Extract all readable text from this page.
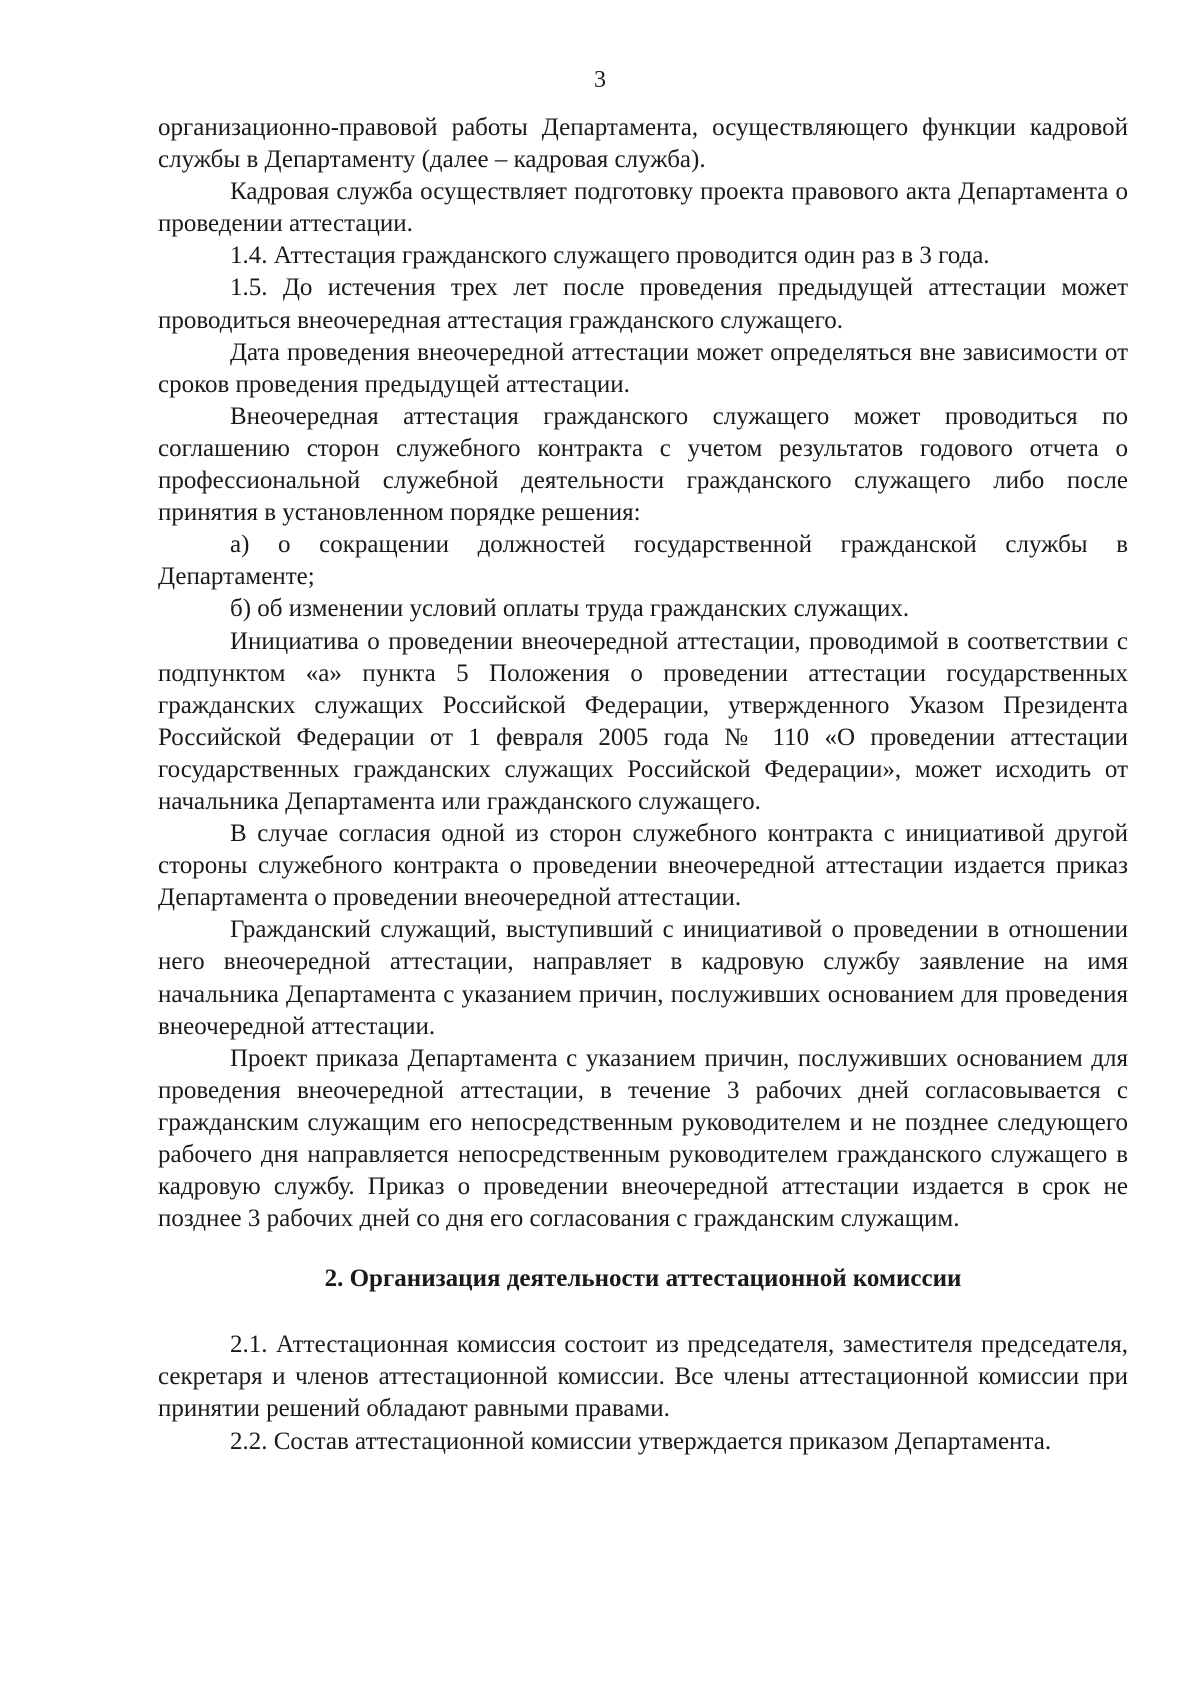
3

организационно-правовой работы Департамента, осуществляющего функции кадровой службы в Департаменту (далее – кадровая служба).

Кадровая служба осуществляет подготовку проекта правового акта Департамента о проведении аттестации.

1.4. Аттестация гражданского служащего проводится один раз в 3 года.

1.5. До истечения трех лет после проведения предыдущей аттестации может проводиться внеочередная аттестация гражданского служащего.

Дата проведения внеочередной аттестации может определяться вне зависимости от сроков проведения предыдущей аттестации.

Внеочередная аттестация гражданского служащего может проводиться по соглашению сторон служебного контракта с учетом результатов годового отчета о профессиональной служебной деятельности гражданского служащего либо после принятия в установленном порядке решения:

а) о сокращении должностей государственной гражданской службы в Департаменте;

б) об изменении условий оплаты труда гражданских служащих.

Инициатива о проведении внеочередной аттестации, проводимой в соответствии с подпунктом «а» пункта 5 Положения о проведении аттестации государственных гражданских служащих Российской Федерации, утвержденного Указом Президента Российской Федерации от 1 февраля 2005 года № 110 «О проведении аттестации государственных гражданских служащих Российской Федерации», может исходить от начальника Департамента или гражданского служащего.

В случае согласия одной из сторон служебного контракта с инициативой другой стороны служебного контракта о проведении внеочередной аттестации издается приказ Департамента о проведении внеочередной аттестации.

Гражданский служащий, выступивший с инициативой о проведении в отношении него внеочередной аттестации, направляет в кадровую службу заявление на имя начальника Департамента с указанием причин, послуживших основанием для проведения внеочередной аттестации.

Проект приказа Департамента с указанием причин, послуживших основанием для проведения внеочередной аттестации, в течение 3 рабочих дней согласовывается с гражданским служащим его непосредственным руководителем и не позднее следующего рабочего дня направляется непосредственным руководителем гражданского служащего в кадровую службу. Приказ о проведении внеочередной аттестации издается в срок не позднее 3 рабочих дней со дня его согласования с гражданским служащим.

2. Организация деятельности аттестационной комиссии

2.1. Аттестационная комиссия состоит из председателя, заместителя председателя, секретаря и членов аттестационной комиссии. Все члены аттестационной комиссии при принятии решений обладают равными правами.

2.2. Состав аттестационной комиссии утверждается приказом Департамента.
